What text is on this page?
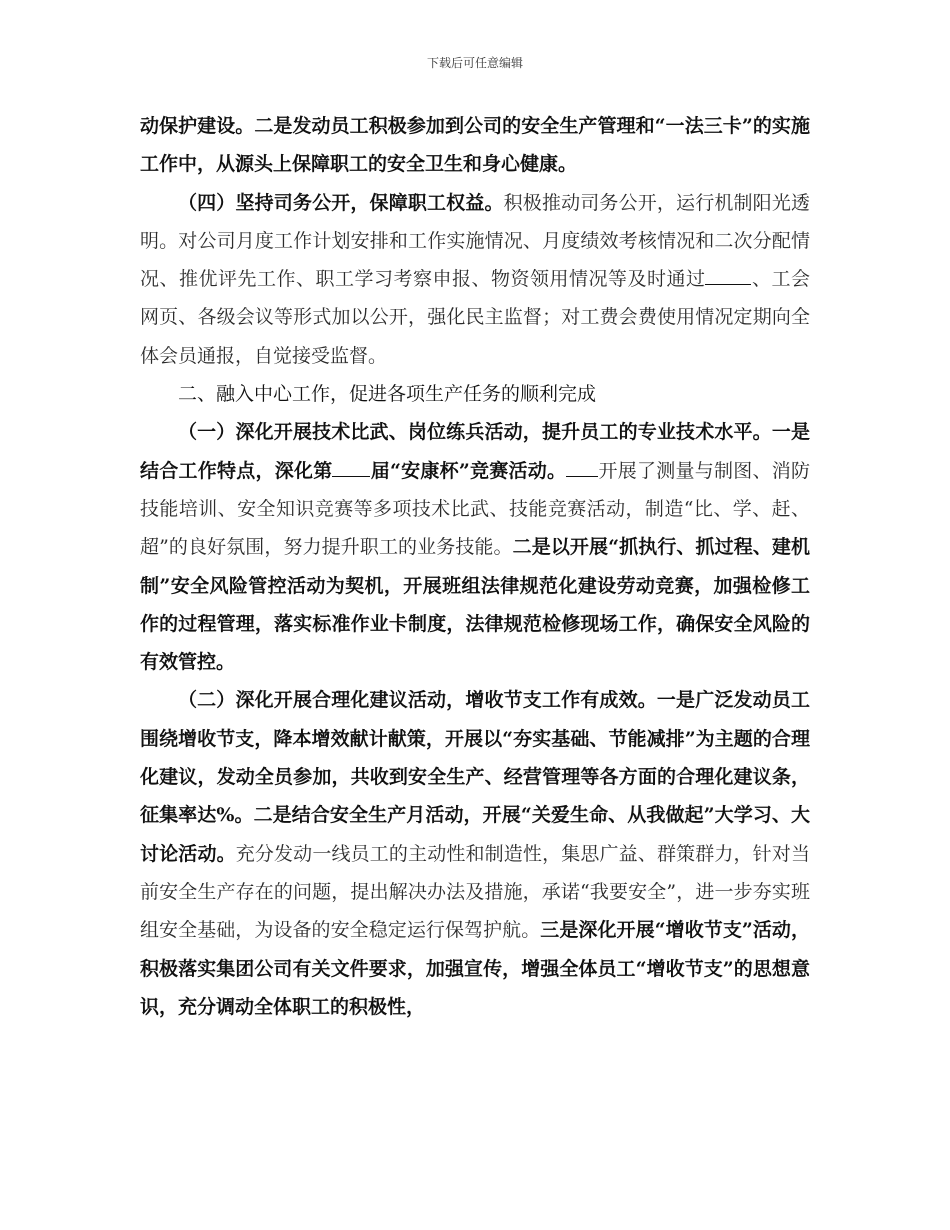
下载后可任意编辑

动保护建设。二是发动员工积极参加到公司的安全生产管理和“一法三卡”的实施工作中，从源头上保障职工的安全卫生和身心健康。

（四）坚持司务公开，保障职工权益。积极推动司务公开，运行机制阳光透明。对公司月度工作计划安排和工作实施情况、月度绩效考核情况和二次分配情况、推优评先工作、职工学习考察申报、物资领用情况等及时通过 、工会网页、各级会议等形式加以公开，强化民主监督；对工费会费使用情况定期向全体会员通报，自觉接受监督。

二、融入中心工作，促进各项生产任务的顺利完成

（一）深化开展技术比武、岗位练兵活动，提升员工的专业技术水平。一是结合工作特点，深化第 届“安康杯”竞赛活动。 开展了测量与制图、消防技能培训、安全知识竞赛等多项技术比武、技能竞赛活动，制造“比、学、赶、超”的良好氛围，努力提升职工的业务技能。二是以开展“抓执行、抓过程、建机制”安全风险管控活动为契机，开展班组法律规范化建设劳动竞赛，加强检修工作的过程管理，落实标准作业卡制度，法律规范检修现场工作，确保安全风险的有效管控。

（二）深化开展合理化建议活动，增收节支工作有成效。一是广泛发动员工围绕增收节支，降本增效献计献策，开展以“夯实基础、节能减排”为主题的合理化建议，发动全员参加，共收到安全生产、经营管理等各方面的合理化建议条，征集率达%。二是结合安全生产月活动，开展“关爱生命、从我做起”大学习、大讨论活动。充分发动一线员工的主动性和制造性，集思广益、群策群力，针对当前安全生产存在的问题，提出解决办法及措施，承诺“我要安全”，进一步夯实班组安全基础，为设备的安全稳定运行保驾护航。三是深化开展“增收节支”活动，积极落实集团公司有关文件要求，加强宣传，增强全体员工“增收节支”的思想意识，充分调动全体职工的积极性，
